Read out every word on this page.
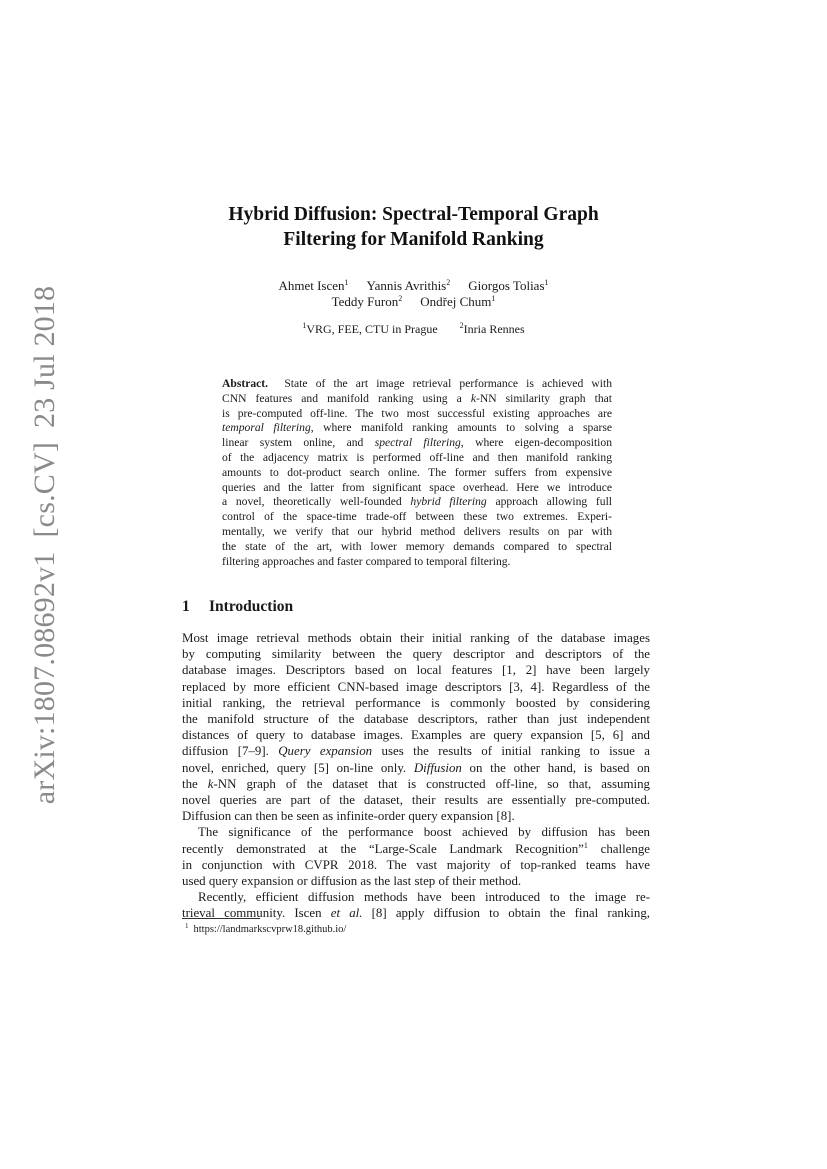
arXiv:1807.08692v1[cs.CV]23 Jul 2018
Hybrid Diffusion: Spectral-Temporal Graph
Filtering for Manifold Ranking
Ahmet Iscen$^1$ Yannis Avrithis$^2$ Giorgos Tolias$^1$
Teddy Furon$^2$ Ondřej Chum$^1$
$^1$VRG, FEE, CTU in Prague	$^2$Inria Rennes
Abstract. State of the art image retrieval performance is achieved with
CNN features and manifold ranking using a k-NN similarity graph that
is pre-computed off-line. The two most successful existing approaches are
temporal filtering, where manifold ranking amounts to solving a sparse
linear system online, and spectral filtering, where eigen-decomposition
of the adjacency matrix is performed off-line and then manifold ranking
amounts to dot-product search online. The former suffers from expensive
queries and the latter from significant space overhead. Here we introduce
a novel, theoretically well-founded hybrid filtering approach allowing full
control of the space-time trade-off between these two extremes. Experi-
mentally, we verify that our hybrid method delivers results on par with
the state of the art, with lower memory demands compared to spectral
filtering approaches and faster compared to temporal filtering.
1 Introduction
Most image retrieval methods obtain their initial ranking of the database images
by computing similarity between the query descriptor and descriptors of the
database images. Descriptors based on local features [1, 2] have been largely
replaced by more efficient CNN-based image descriptors [3, 4]. Regardless of the
initial ranking, the retrieval performance is commonly boosted by considering
the manifold structure of the database descriptors, rather than just independent
distances of query to database images. Examples are query expansion [5, 6] and
diffusion [7–9]. Query expansion uses the results of initial ranking to issue a
novel, enriched, query [5] on-line only. Diffusion on the other hand, is based on
the k-NN graph of the dataset that is constructed off-line, so that, assuming
novel queries are part of the dataset, their results are essentially pre-computed.
Diffusion can then be seen as infinite-order query expansion [8].
The significance of the performance boost achieved by diffusion has been
recently demonstrated at the “Large-Scale Landmark Recognition”$^1$ challenge
in conjunction with CVPR 2018. The vast majority of top-ranked teams have
used query expansion or diffusion as the last step of their method.
Recently, efficient diffusion methods have been introduced to the image re-
trieval community. Iscen et al. [8] apply diffusion to obtain the final ranking,
$^1$ https://landmarkscvprw18.github.io/
